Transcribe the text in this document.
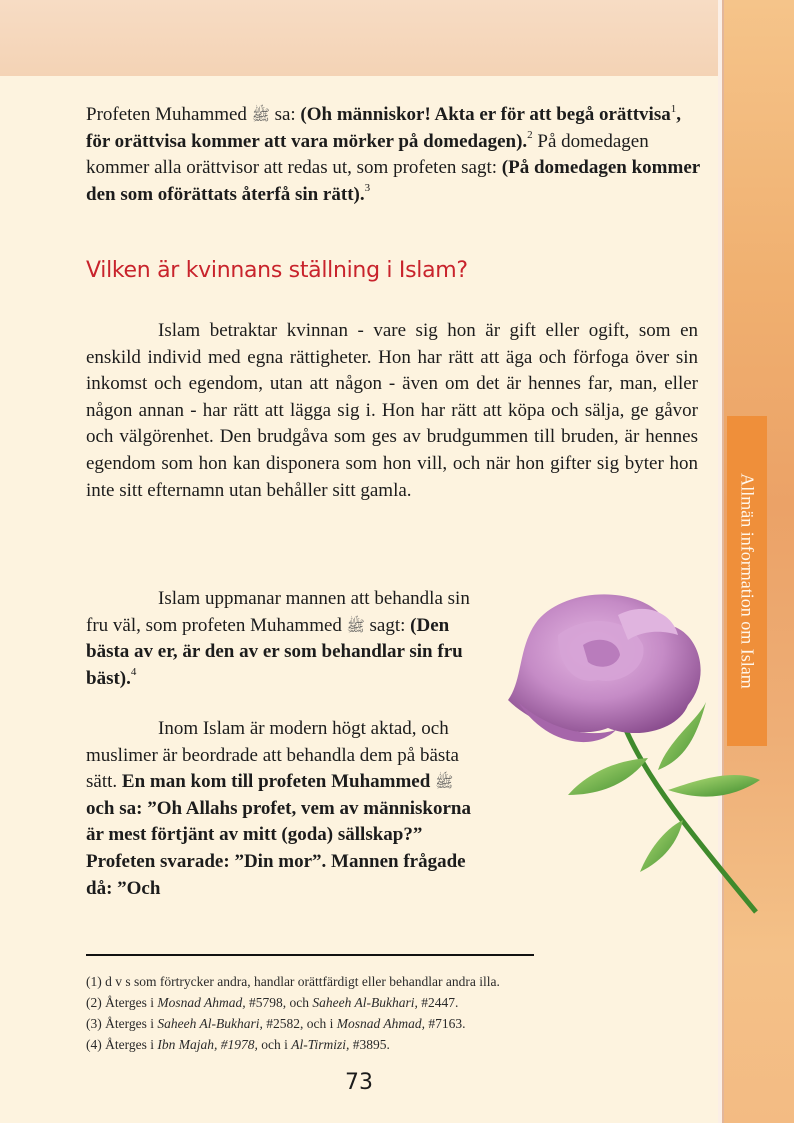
Allmän information om Islam

Profeten Muhammed ﷺ sa: (Oh människor! Akta er för att begå orättvisa$^1$, för orättvisa kommer att vara mörker på domedagen).$^2$ På domedagen kommer alla orättvisor att redas ut, som profeten sagt: (På domedagen kommer den som oförättats återfå sin rätt).$^3$

Vilken är kvinnans ställning i Islam?

Islam betraktar kvinnan - vare sig hon är gift eller ogift, som en enskild individ med egna rättigheter. Hon har rätt att äga och förfoga över sin inkomst och egendom, utan att någon - även om det är hennes far, man, eller någon annan - har rätt att lägga sig i. Hon har rätt att köpa och sälja, ge gåvor och välgörenhet. Den brudgåva som ges av brudgummen till bruden, är hennes egendom som hon kan disponera som hon vill, och när hon gifter sig byter hon inte sitt efternamn utan behåller sitt gamla.

Islam uppmanar mannen att behandla sin fru väl, som profeten Muhammed ﷺ sagt: (Den bästa av er, är den av er som behandlar sin fru bäst).$^4$

Inom Islam är modern högt aktad, och muslimer är beordrade att behandla dem på bästa sätt. En man kom till profeten Muhammed ﷺ och sa: ”Oh Allahs profet, vem av människorna är mest förtjänt av mitt (goda) sällskap?” Profeten svarade: ”Din mor”. Mannen frågade då: ”Och

(1) d v s som förtrycker andra, handlar orättfärdigt eller behandlar andra illa.
(2) Återges i Mosnad Ahmad, #5798, och Saheeh Al-Bukhari, #2447.
(3) Återges i Saheeh Al-Bukhari, #2582, och i Mosnad Ahmad, #7163.
(4) Återges i Ibn Majah, #1978, och i Al-Tirmizi, #3895.
73
